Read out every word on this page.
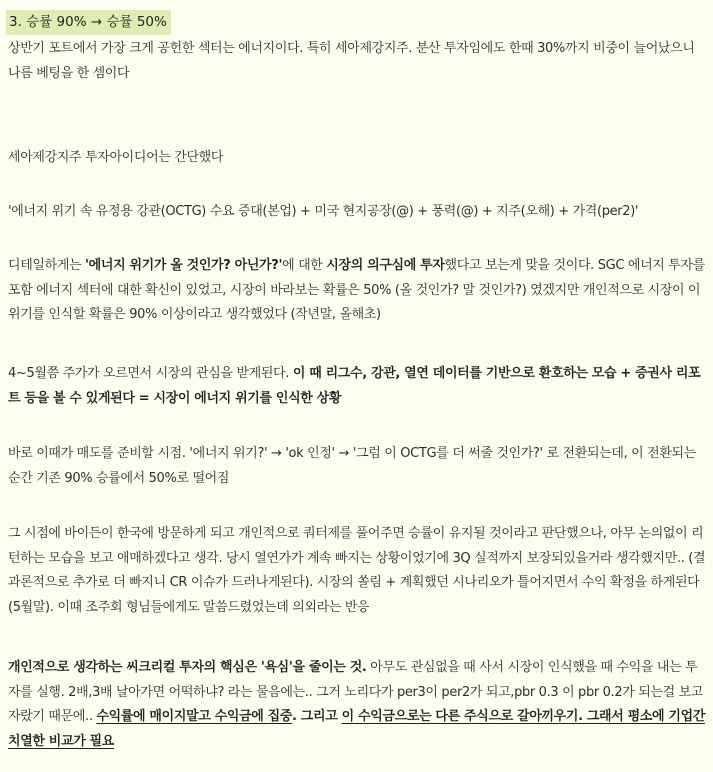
3. 승률 90% → 승률 50%

상반기 포트에서 가장 크게 공헌한 섹터는 에너지이다. 특히 세아제강지주. 분산 투자임에도 한때 30%까지 비중이 늘어났으니 나름 베팅을 한 셈이다

세아제강지주 투자아이디어는 간단했다

'에너지 위기 속 유정용 강관(OCTG) 수요 증대(본업) + 미국 현지공장(@) + 풍력(@) + 지주(오해) + 가격(per2)'

디테일하게는 '에너지 위기가 올 것인가? 아닌가?'에 대한 시장의 의구심에 투자했다고 보는게 맞을 것이다. SGC 에너지 투자를 포함 에너지 섹터에 대한 확신이 있었고, 시장이 바라보는 확률은 50% (올 것인가? 말 것인가?) 였겠지만 개인적으로 시장이 이 위기를 인식할 확률은 90% 이상이라고 생각했었다 (작년말, 올해초)

4~5월쯤 주가가 오르면서 시장의 관심을 받게된다. 이 때 리그수, 강관, 열연 데이터를 기반으로 환호하는 모습 + 증권사 리포트 등을 볼 수 있게된다 = 시장이 에너지 위기를 인식한 상황

바로 이때가 매도를 준비할 시점. '에너지 위기?' → 'ok 인정' → '그럼 이 OCTG를 더 써줄 것인가?' 로 전환되는데, 이 전환되는 순간 기존 90% 승률에서 50%로 떨어짐

그 시점에 바이든이 한국에 방문하게 되고 개인적으로 쿼터제를 풀어주면 승률이 유지될 것이라고 판단했으나, 아무 논의없이 리턴하는 모습을 보고 애매하겠다고 생각. 당시 열연가가 계속 빠지는 상황이었기에 3Q 실적까지 보장되있을거라 생각했지만.. (결과론적으로 추가로 더 빠지니 CR 이슈가 드러나게된다). 시장의 쏠림 + 계획했던 시나리오가 틀어지면서 수익 확정을 하게된다 (5월말). 이때 조주회 형님들에게도 말씀드렸었는데 의외라는 반응

개인적으로 생각하는 씨크리컬 투자의 핵심은 '욕심'을 줄이는 것. 아무도 관심없을 때 사서 시장이 인식했을 때 수익을 내는 투자를 실행. 2배,3배 날아가면 어떡하냐? 라는 물음에는.. 그거 노리다가 per3이 per2가 되고,pbr 0.3 이 pbr 0.2가 되는걸 보고 자랐기 때문에.. 수익률에 매이지말고 수익금에 집중. 그리고 이 수익금으로는 다른 주식으로 갈아끼우기. 그래서 평소에 기업간 치열한 비교가 필요
